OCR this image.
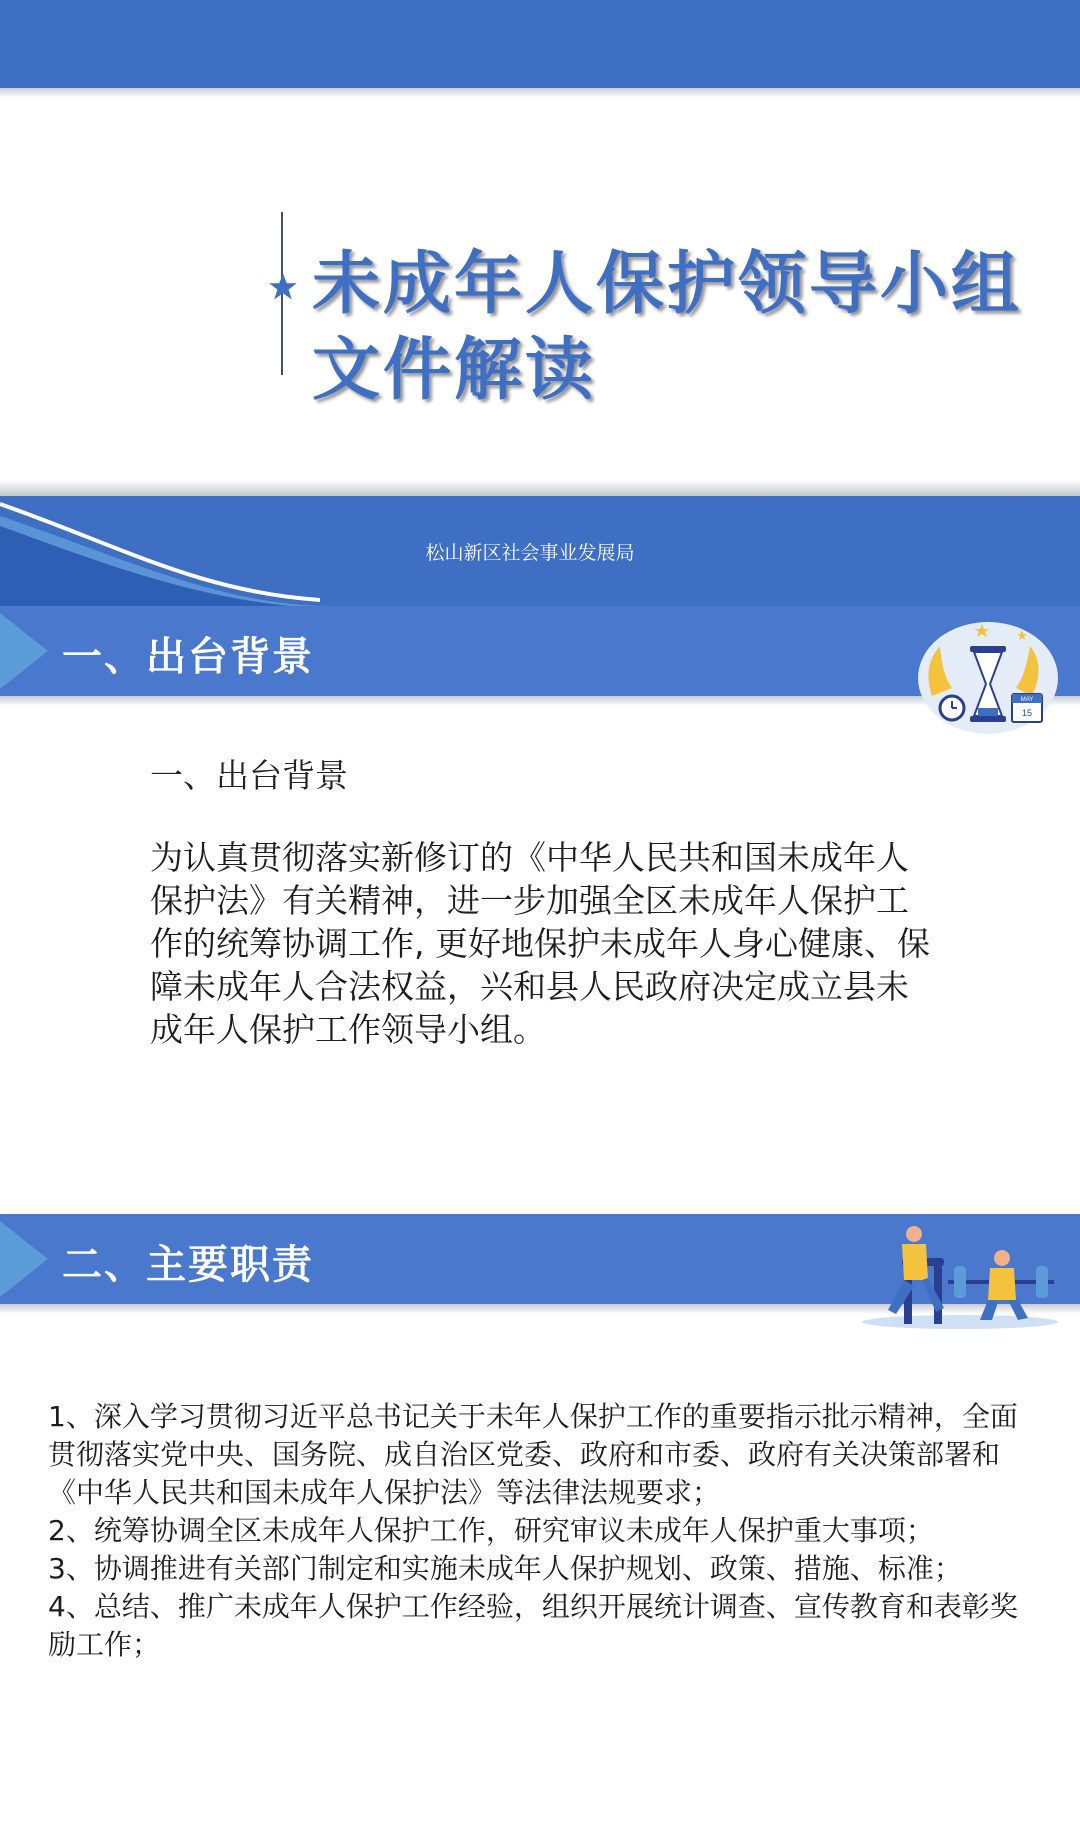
未成年人保护领导小组
文件解读
松山新区社会事业发展局
一、出台背景
MAY
15
一、出台背景
为认真贯彻落实新修订的《中华人民共和国未成年人保护法》有关精神，进一步加强全区未成年人保护工作的统筹协调工作, 更好地保护未成年人身心健康、保障未成年人合法权益，兴和县人民政府决定成立县未成年人保护工作领导小组。
二、主要职责
1、深入学习贯彻习近平总书记关于未年人保护工作的重要指示批示精神，全面贯彻落实党中央、国务院、成自治区党委、政府和市委、政府有关决策部署和《中华人民共和国未成年人保护法》等法律法规要求；
2、统筹协调全区未成年人保护工作，研究审议未成年人保护重大事项；
3、协调推进有关部门制定和实施未成年人保护规划、政策、措施、标准；
4、总结、推广未成年人保护工作经验，组织开展统计调查、宣传教育和表彰奖励工作；
